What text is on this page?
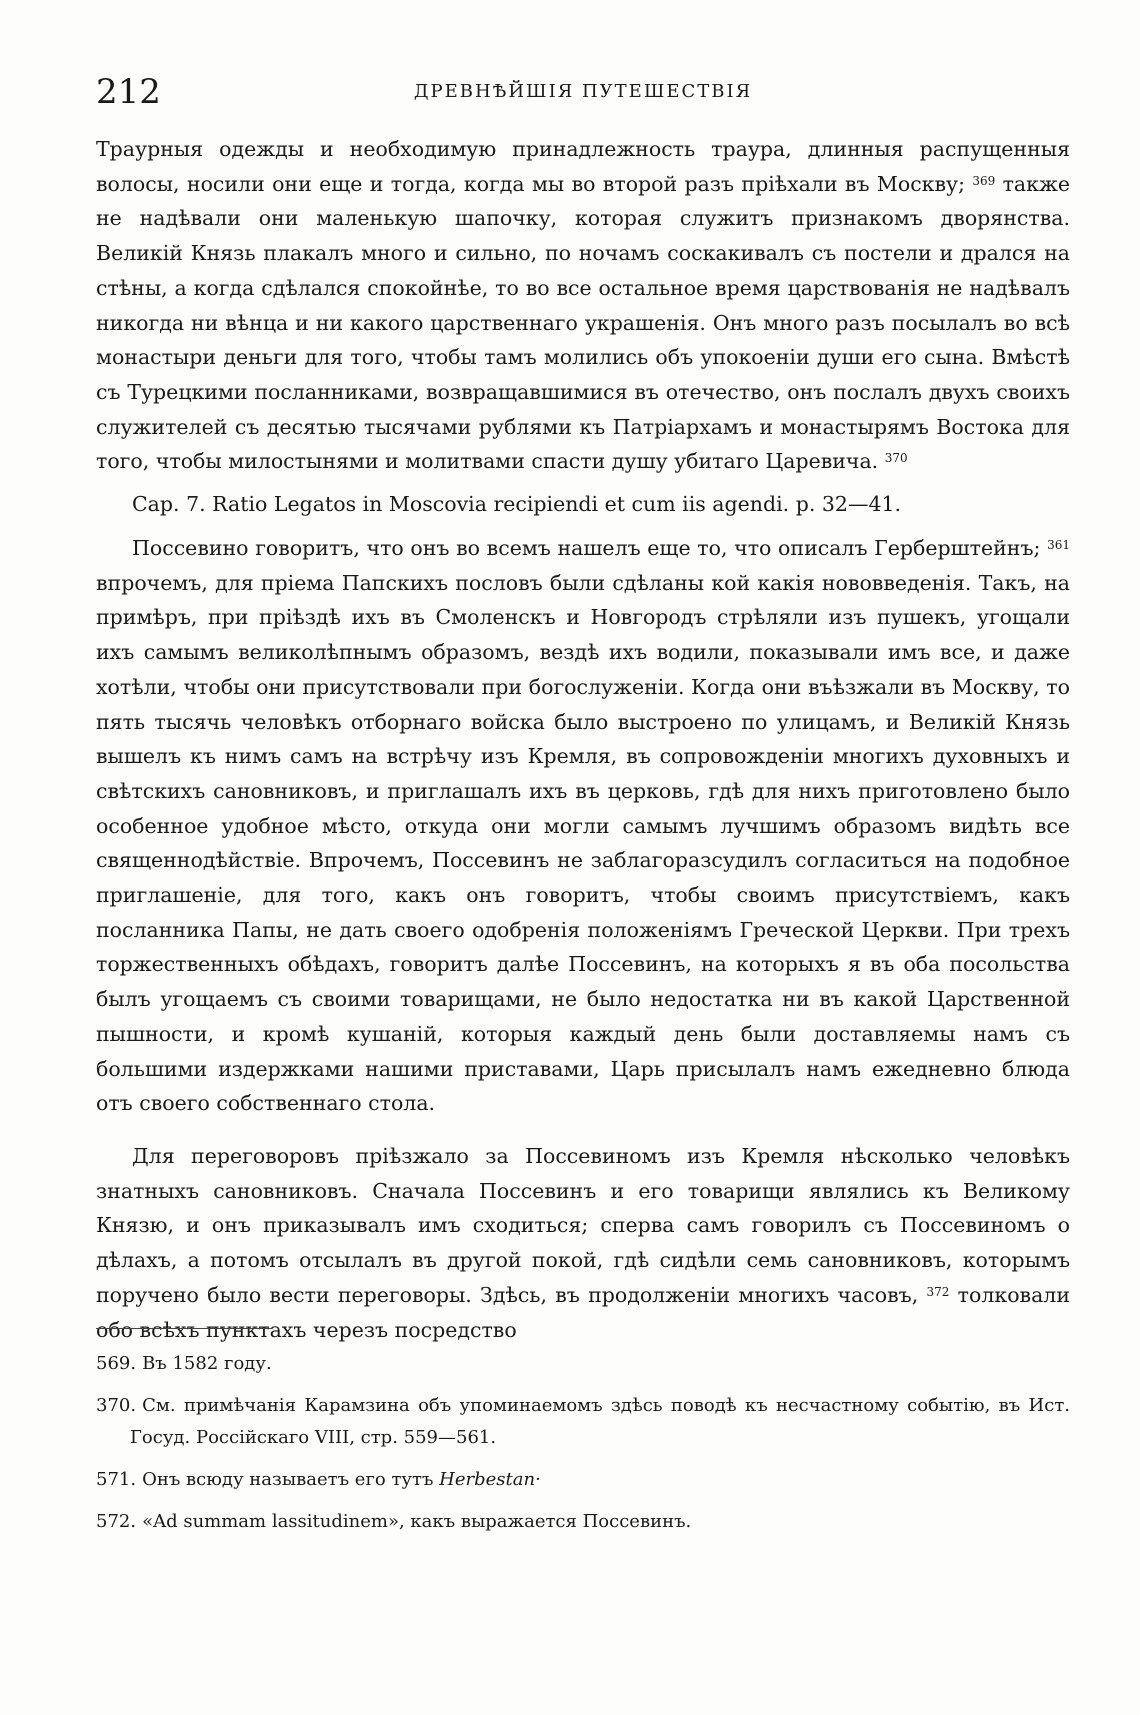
212	ДРЕВНѢЙШІЯ ПУТЕШЕСТВІЯ

Траурныя одежды и необходимую принадлежность траура, длинныя распущенныя волосы, носили они еще и тогда, когда мы во второй разъ пріѣхали въ Москву; $^{369}$ также не надѣвали они маленькую шапочку, которая служитъ признакомъ дворянства. Великій Князь плакалъ много и сильно, по ночамъ соскакивалъ съ постели и дрался на стѣны, а когда сдѣлался спокойнѣе, то во все остальное время царствованія не надѣвалъ никогда ни вѣнца и ни какого царственнаго украшенія. Онъ много разъ посылалъ во всѣ монастыри деньги для того, чтобы тамъ молились объ упокоеніи души его сына. Вмѣстѣ съ Турецкими посланниками, возвращавшимися въ отечество, онъ послалъ двухъ своихъ служителей съ десятью тысячами рублями къ Патріархамъ и монастырямъ Востока для того, чтобы милостынями и молитвами спасти душу убитаго Царевича. $^{370}$

Cap. 7. Ratio Legatos in Moscovia recipiendi et cum iis agendi. p. 32—41.

Поссевино говоритъ, что онъ во всемъ нашелъ еще то, что описалъ Герберштейнъ; $^{361}$ впрочемъ, для пріема Папскихъ пословъ были сдѣланы кой какія нововведенія. Такъ, на примѣръ, при пріѣздѣ ихъ въ Смоленскъ и Новгородъ стрѣляли изъ пушекъ, угощали ихъ самымъ великолѣпнымъ образомъ, вездѣ ихъ водили, показывали имъ все, и даже хотѣли, чтобы они присутствовали при богослуженіи. Когда они въѣзжали въ Москву, то пять тысячь человѣкъ отборнаго войска было выстроено по улицамъ, и Великій Князь вышелъ къ нимъ самъ на встрѣчу изъ Кремля, въ сопровожденіи многихъ духовныхъ и свѣтскихъ сановниковъ, и приглашалъ ихъ въ церковь, гдѣ для нихъ приготовлено было особенное удобное мѣсто, откуда они могли самымъ лучшимъ образомъ видѣть все священнодѣйствіе. Впрочемъ, Поссевинъ не заблагоразсудилъ согласиться на подобное приглашеніе, для того, какъ онъ говоритъ, чтобы своимъ присутствіемъ, какъ посланника Папы, не дать своего одобренія положеніямъ Греческой Церкви. При трехъ торжественныхъ обѣдахъ, говоритъ далѣе Поссевинъ, на которыхъ я въ оба посольства былъ угощаемъ съ своими товарищами, не было недостатка ни въ какой Царственной пышности, и кромѣ кушаній, которыя каждый день были доставляемы намъ съ большими издержками нашими приставами, Царь присылалъ намъ ежедневно блюда отъ своего собственнаго стола.

Для переговоровъ пріѣзжало за Поссевиномъ изъ Кремля нѣсколько человѣкъ знатныхъ сановниковъ. Сначала Поссевинъ и его товарищи являлись къ Великому Князю, и онъ приказывалъ имъ сходиться; сперва самъ говорилъ съ Поссевиномъ о дѣлахъ, а потомъ отсылалъ въ другой покой, гдѣ сидѣли семь сановниковъ, которымъ поручено было вести переговоры. Здѣсь, въ продолженіи многихъ часовъ, $^{372}$ толковали обо всѣхъ пунктахъ черезъ посредство

569. Въ 1582 году.

370. См. примѣчанія Карамзина объ упоминаемомъ здѣсь поводѣ къ несчастному событію, въ Ист. Госуд. Россійскаго VIII, стр. 559—561.

571. Онъ всюду называетъ его тутъ Herbestan·

572. «Ad summam lassitudinem», какъ выражается Поссевинъ.
